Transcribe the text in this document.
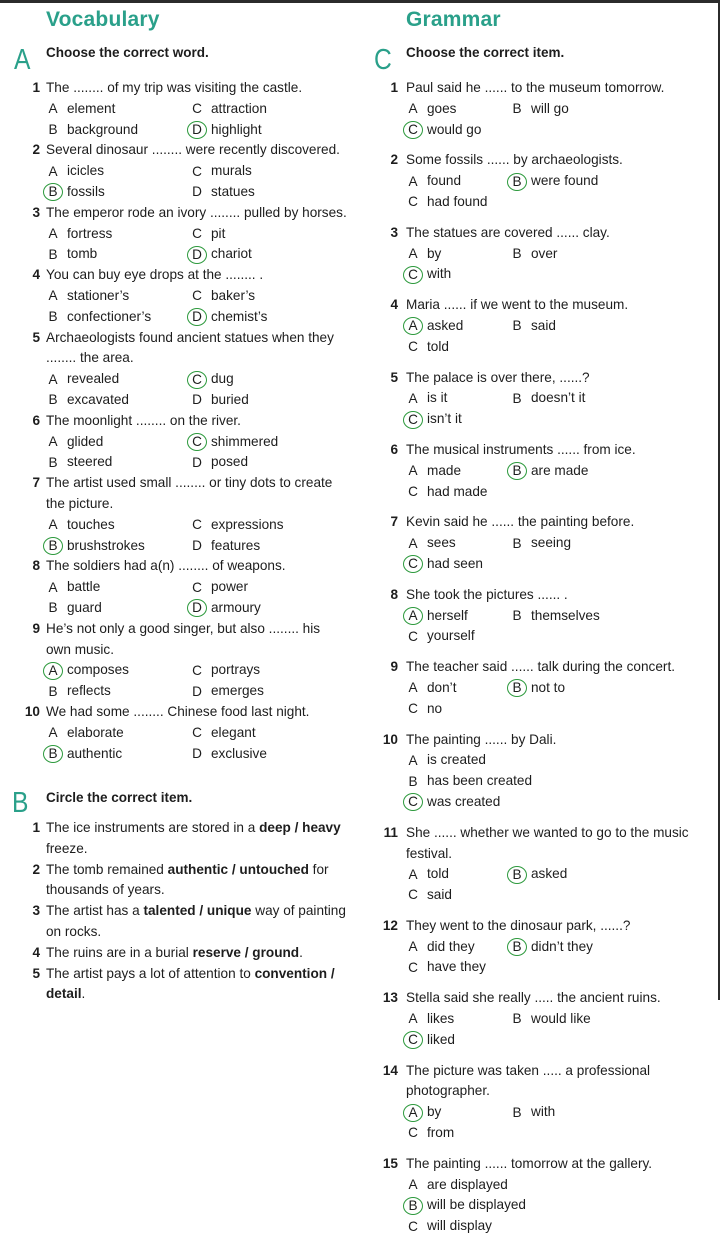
Vocabulary	Grammar
A Choose the correct word.	C Choose the correct item.
B Circle the correct item.
1 The ........ of my trip was visiting the castle.
A element	C attraction
B background	D highlight
2 Several dinosaur ........ were recently discovered.
A icicles	C murals
B fossils	D statues
3 The emperor rode an ivory ........ pulled by horses.
A fortress	C pit
B tomb	D chariot
4 You can buy eye drops at the ........ .
A stationer’s	C baker’s
B confectioner’s	D chemist’s
5 Archaeologists found ancient statues when they ........ the area.
A revealed	C dug
B excavated	D buried
6 The moonlight ........ on the river.
A glided	C shimmered
B steered	D posed
7 The artist used small ........ or tiny dots to create the picture.
A touches	C expressions
B brushstrokes	D features
8 The soldiers had a(n) ........ of weapons.
A battle	C power
B guard	D armoury
9 He’s not only a good singer, but also ........ his own music.
A composes	C portrays
B reflects	D emerges
10 We had some ........ Chinese food last night.
A elaborate	C elegant
B authentic	D exclusive
1 Paul said he ...... to the museum tomorrow.
A goes	B will go
C would go
2 Some fossils ...... by archaeologists.
A found	B were found
C had found
3 The statues are covered ...... clay.
A by	B over
C with
4 Maria ...... if we went to the museum.
A asked	B said
C told
5 The palace is over there, ......?
A is it	B doesn’t it
C isn’t it
6 The musical instruments ...... from ice.
A made	B are made
C had made
7 Kevin said he ...... the painting before.
A sees	B seeing
C had seen
8 She took the pictures ...... .
A herself	B themselves
C yourself
9 The teacher said ...... talk during the concert.
A don’t	B not to
C no
10 The painting ...... by Dali.
A is created
B has been created
C was created
11 She ...... whether we wanted to go to the music festival.
A told	B asked
C said
12 They went to the dinosaur park, ......?
A did they	B didn’t they
C have they
13 Stella said she really ..... the ancient ruins.
A likes	B would like
C liked
14 The picture was taken ..... a professional photographer.
A by	B with
C from
15 The painting ...... tomorrow at the gallery.
A are displayed
B will be displayed
C will display
1 The ice instruments are stored in a deep / heavy freeze.
2 The tomb remained authentic / untouched for thousands of years.
3 The artist has a talented / unique way of painting on rocks.
4 The ruins are in a burial reserve / ground.
5 The artist pays a lot of attention to convention / detail.
